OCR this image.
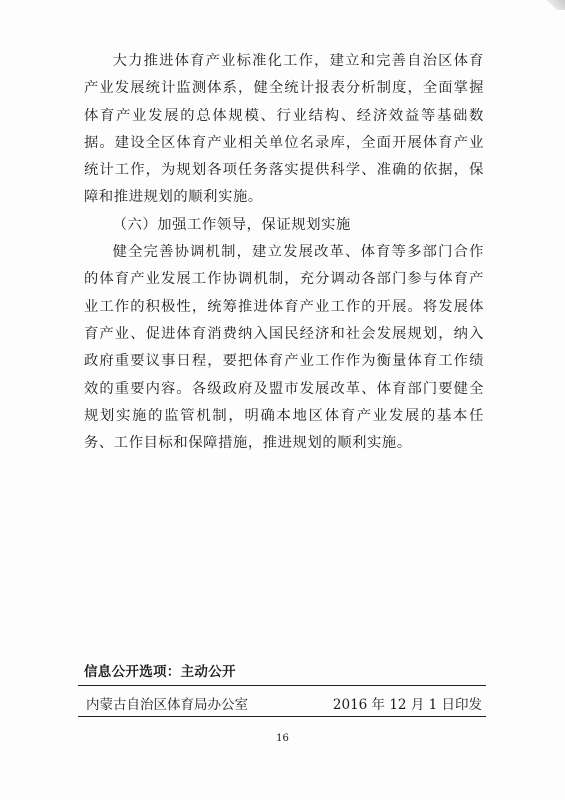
大力推进体育产业标准化工作，建立和完善自治区体育产业发展统计监测体系，健全统计报表分析制度，全面掌握体育产业发展的总体规模、行业结构、经济效益等基础数据。建设全区体育产业相关单位名录库，全面开展体育产业统计工作，为规划各项任务落实提供科学、准确的依据，保障和推进规划的顺利实施。

（六）加强工作领导，保证规划实施

健全完善协调机制，建立发展改革、体育等多部门合作的体育产业发展工作协调机制，充分调动各部门参与体育产业工作的积极性，统筹推进体育产业工作的开展。将发展体育产业、促进体育消费纳入国民经济和社会发展规划，纳入政府重要议事日程，要把体育产业工作作为衡量体育工作绩效的重要内容。各级政府及盟市发展改革、体育部门要健全规划实施的监管机制，明确本地区体育产业发展的基本任务、工作目标和保障措施，推进规划的顺利实施。

信息公开选项：主动公开
内蒙古自治区体育局办公室	2016 年 12 月 1 日印发
16
